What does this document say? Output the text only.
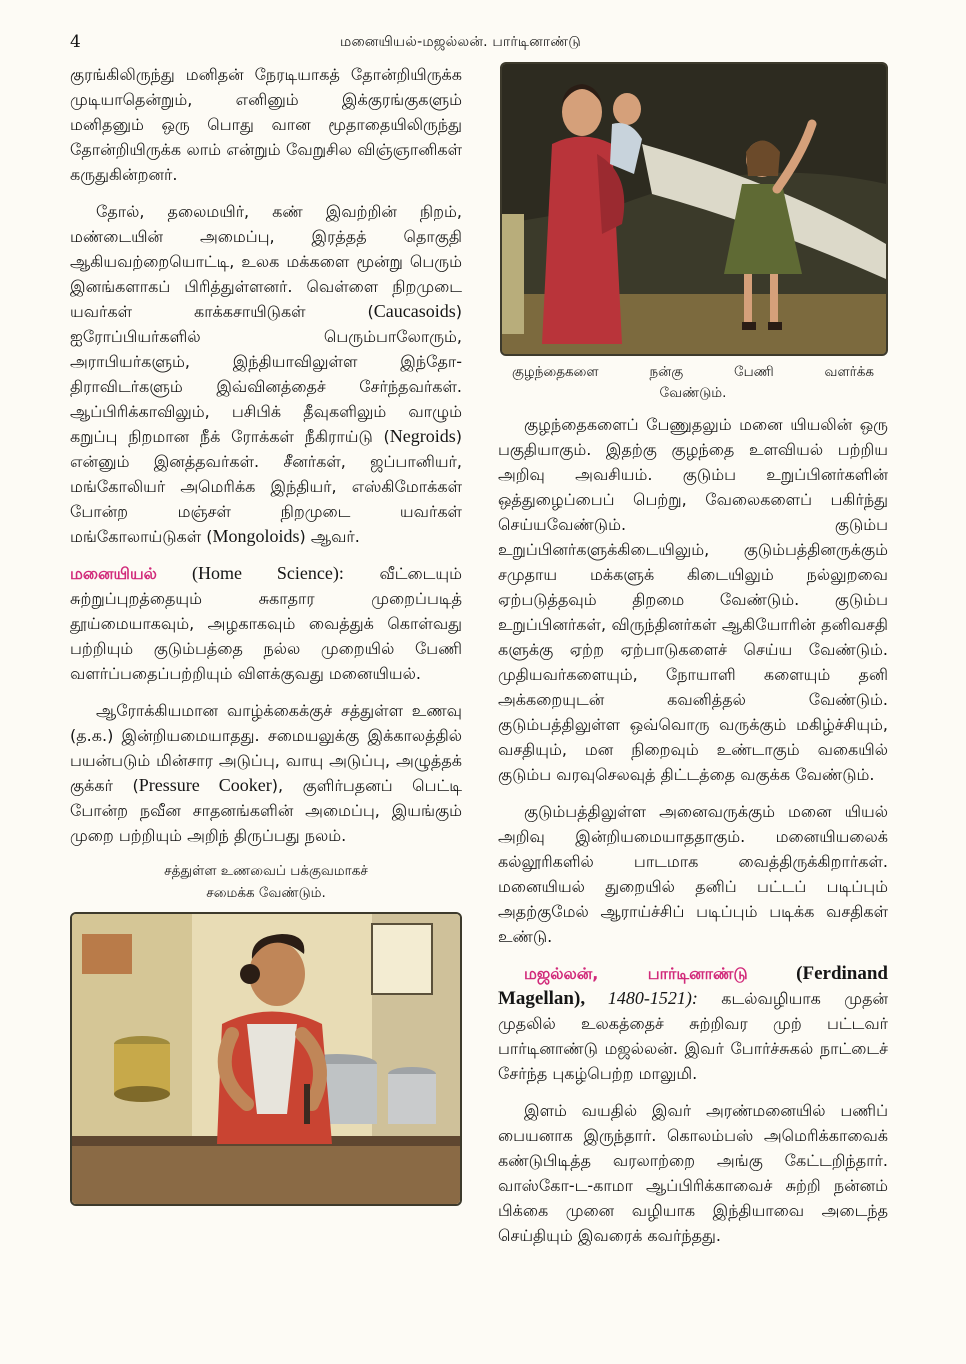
4	மனையியல்-மஜல்லன். பார்டினாண்டு

குரங்கிலிருந்து மனிதன் நேரடியாகத் தோன்றியிருக்க முடியாதென்றும், எனினும் இக்குரங்குகளும் மனிதனும் ஒரு பொது வான மூதாதையிலிருந்து தோன்றியிருக்க லாம் என்றும் வேறுசில விஞ்ஞானிகள் கருதுகின்றனர்.

தோல், தலைமயிர், கண் இவற்றின் நிறம், மண்டையின் அமைப்பு, இரத்தத் தொகுதி ஆகியவற்றையொட்டி, உலக மக்களை மூன்று பெரும் இனங்களாகப் பிரித்துள்ளனர். வெள்ளை நிறமுடை யவர்கள் காக்கசாயிடுகள் (Caucasoids) ஐரோப்பியர்களில் பெரும்பாலோரும், அராபியர்களும், இந்தியாவிலுள்ள இந்தோ-திராவிடர்களும் இவ்வினத்தைச் சேர்ந்தவர்கள். ஆப்பிரிக்காவிலும், பசிபிக் தீவுகளிலும் வாழும் கறுப்பு நிறமான நீக் ரோக்கள் நீகிராய்டு (Negroids) என்னும் இனத்தவர்கள். சீனர்கள், ஜப்பானியர், மங்கோலியர் அமெரிக்க இந்தியர், எஸ்கிமோக்கள் போன்ற மஞ்சள் நிறமுடை யவர்கள் மங்கோலாய்டுகள் (Mongoloids) ஆவர்.

மனையியல் (Home Science): வீட்டையும் சுற்றுப்புறத்தையும் சுகாதார முறைப்படித் தூய்மையாகவும், அழகாகவும் வைத்துக் கொள்வது பற்றியும் குடும்பத்தை நல்ல முறையில் பேணி வளர்ப்பதைப்பற்றியும் விளக்குவது மனையியல்.

ஆரோக்கியமான வாழ்க்கைக்குச் சத்துள்ள உணவு (த.க.) இன்றியமையாதது. சமையலுக்கு இக்காலத்தில் பயன்படும் மின்சார அடுப்பு, வாயு அடுப்பு, அழுத்தக் குக்கர் (Pressure Cooker), குளிர்பதனப் பெட்டி போன்ற நவீன சாதனங்களின் அமைப்பு, இயங்கும் முறை பற்றியும் அறிந் திருப்பது நலம்.

சத்துள்ள உணவைப் பக்குவமாகச்
சமைக்க வேண்டும்.
குழந்தைகளை நன்கு பேணி வளர்க்க
வேண்டும்.

குழந்தைகளைப் பேணுதலும் மனை யியலின் ஒரு பகுதியாகும். இதற்கு குழந்தை உளவியல் பற்றிய அறிவு அவசியம். குடும்ப உறுப்பினர்களின் ஒத்துழைப்பைப் பெற்று, வேலைகளைப் பகிர்ந்து செய்யவேண்டும். குடும்ப உறுப்பினர்களுக்கிடையிலும், குடும்பத்தினருக்கும் சமுதாய மக்களுக் கிடையிலும் நல்லுறவை ஏற்படுத்தவும் திறமை வேண்டும். குடும்ப உறுப்பினர்கள், விருந்தினர்கள் ஆகியோரின் தனிவசதி களுக்கு ஏற்ற ஏற்பாடுகளைச் செய்ய வேண்டும். முதியவர்களையும், நோயாளி களையும் தனி அக்கறையுடன் கவனித்தல் வேண்டும். குடும்பத்திலுள்ள ஒவ்வொரு வருக்கும் மகிழ்ச்சியும், வசதியும், மன நிறைவும் உண்டாகும் வகையில் குடும்ப வரவுசெலவுத் திட்டத்தை வகுக்க வேண்டும்.

குடும்பத்திலுள்ள அனைவருக்கும் மனை யியல் அறிவு இன்றியமையாததாகும். மனையியலைக் கல்லூரிகளில் பாடமாக வைத்திருக்கிறார்கள். மனையியல் துறையில் தனிப் பட்டப் படிப்பும் அதற்குமேல் ஆராய்ச்சிப் படிப்பும் படிக்க வசதிகள் உண்டு.

மஜல்லன், பார்டினாண்டு (Ferdinand Magellan), 1480-1521): கடல்வழியாக முதன் முதலில் உலகத்தைச் சுற்றிவர முற் பட்டவர் பார்டினாண்டு மஜல்லன். இவர் போர்ச்சுகல் நாட்டைச் சேர்ந்த புகழ்பெற்ற மாலுமி.

இளம் வயதில் இவர் அரண்மனையில் பணிப் பையனாக இருந்தார். கொலம்பஸ் அமெரிக்காவைக் கண்டுபிடித்த வரலாற்றை அங்கு கேட்டறிந்தார். வாஸ்கோ-ட-காமா ஆப்பிரிக்காவைச் சுற்றி நன்னம் பிக்கை முனை வழியாக இந்தியாவை அடைந்த செய்தியும் இவரைக் கவர்ந்தது.
